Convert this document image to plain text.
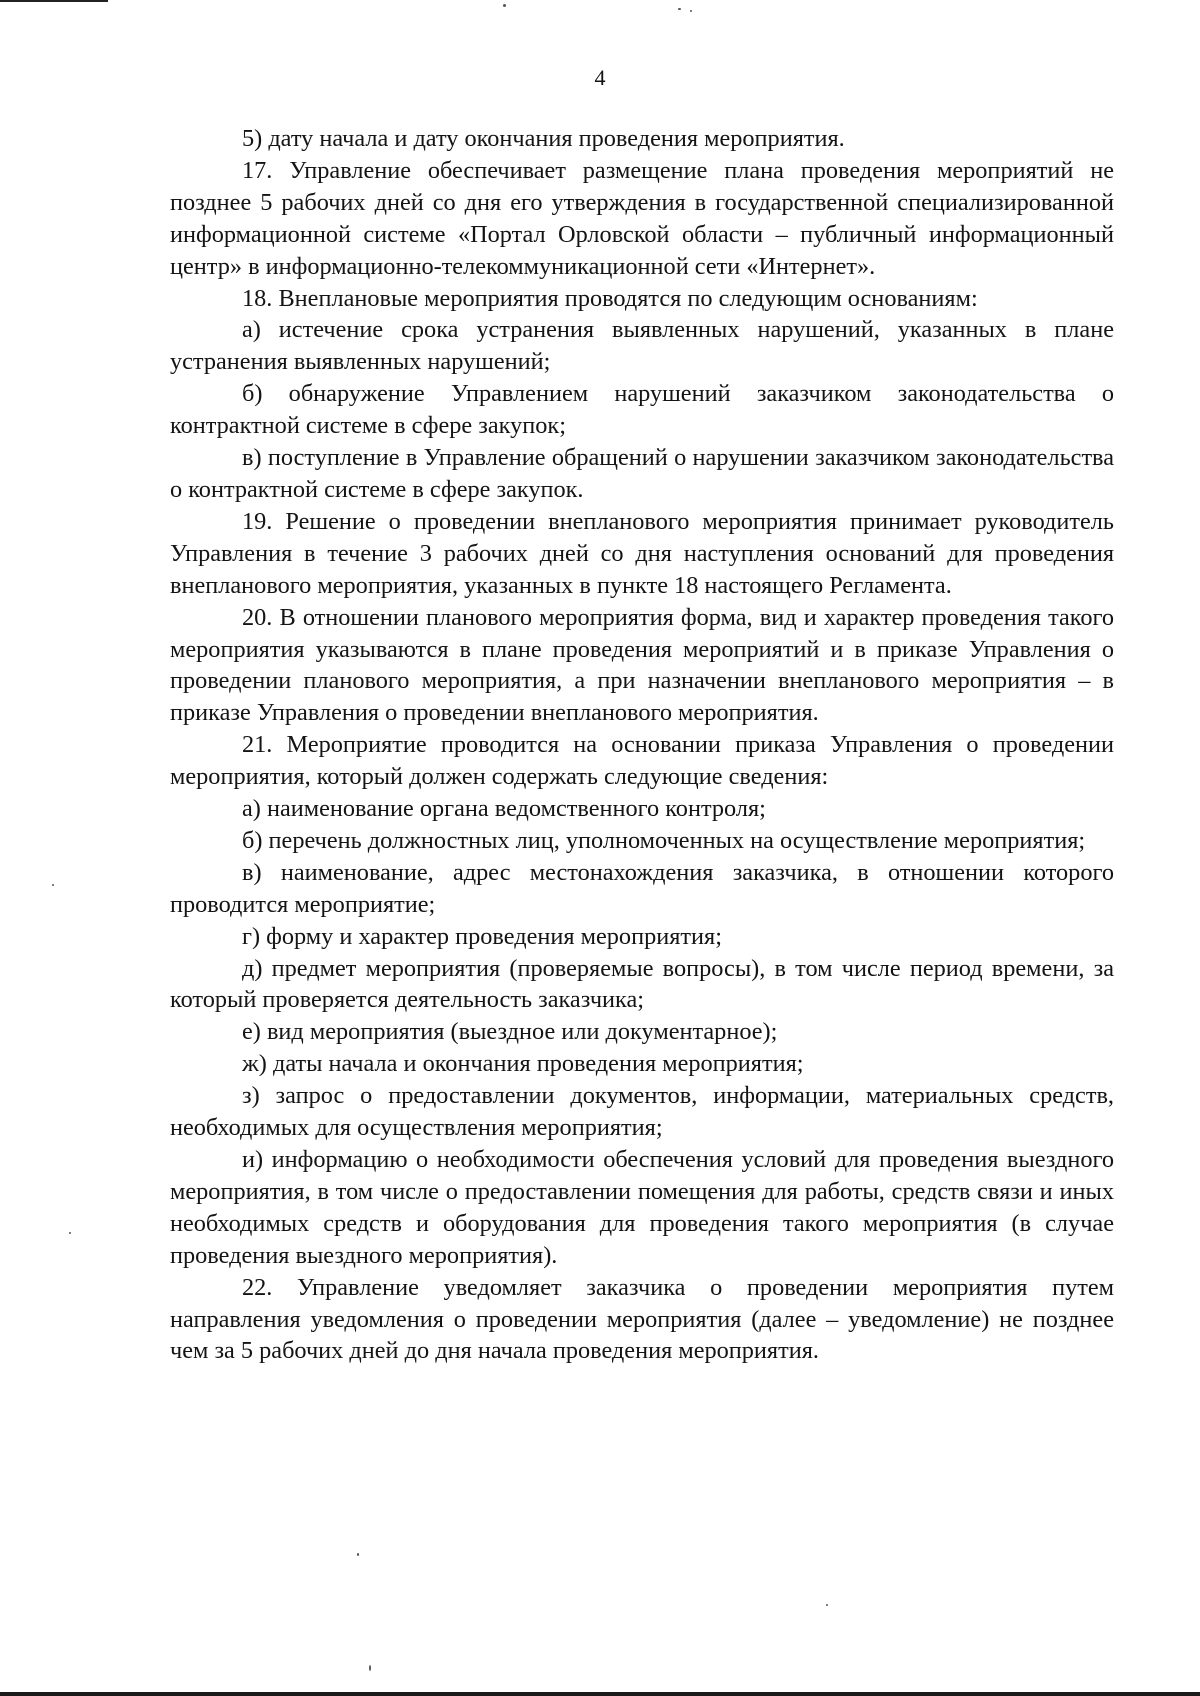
4

5) дату начала и дату окончания проведения мероприятия.

17. Управление обеспечивает размещение плана проведения мероприятий не позднее 5 рабочих дней со дня его утверждения в государственной специализированной информационной системе «Портал Орловской области – публичный информационный центр» в информационно-телекоммуникационной сети «Интернет».

18. Внеплановые мероприятия проводятся по следующим основаниям:

а) истечение срока устранения выявленных нарушений, указанных в плане устранения выявленных нарушений;

б) обнаружение Управлением нарушений заказчиком законодательства о контрактной системе в сфере закупок;

в) поступление в Управление обращений о нарушении заказчиком законодательства о контрактной системе в сфере закупок.

19. Решение о проведении внепланового мероприятия принимает руководитель Управления в течение 3 рабочих дней со дня наступления оснований для проведения внепланового мероприятия, указанных в пункте 18 настоящего Регламента.

20. В отношении планового мероприятия форма, вид и характер проведения такого мероприятия указываются в плане проведения мероприятий и в приказе Управления о проведении планового мероприятия, а при назначении внепланового мероприятия – в приказе Управления о проведении внепланового мероприятия.

21. Мероприятие проводится на основании приказа Управления о проведении мероприятия, который должен содержать следующие сведения:

а) наименование органа ведомственного контроля;

б) перечень должностных лиц, уполномоченных на осуществление мероприятия;

в) наименование, адрес местонахождения заказчика, в отношении которого проводится мероприятие;

г) форму и характер проведения мероприятия;

д) предмет мероприятия (проверяемые вопросы), в том числе период времени, за который проверяется деятельность заказчика;

е) вид мероприятия (выездное или документарное);

ж) даты начала и окончания проведения мероприятия;

з) запрос о предоставлении документов, информации, материальных средств, необходимых для осуществления мероприятия;

и) информацию о необходимости обеспечения условий для проведения выездного мероприятия, в том числе о предоставлении помещения для работы, средств связи и иных необходимых средств и оборудования для проведения такого мероприятия (в случае проведения выездного мероприятия).

22. Управление уведомляет заказчика о проведении мероприятия путем направления уведомления о проведении мероприятия (далее – уведомление) не позднее чем за 5 рабочих дней до дня начала проведения мероприятия.
